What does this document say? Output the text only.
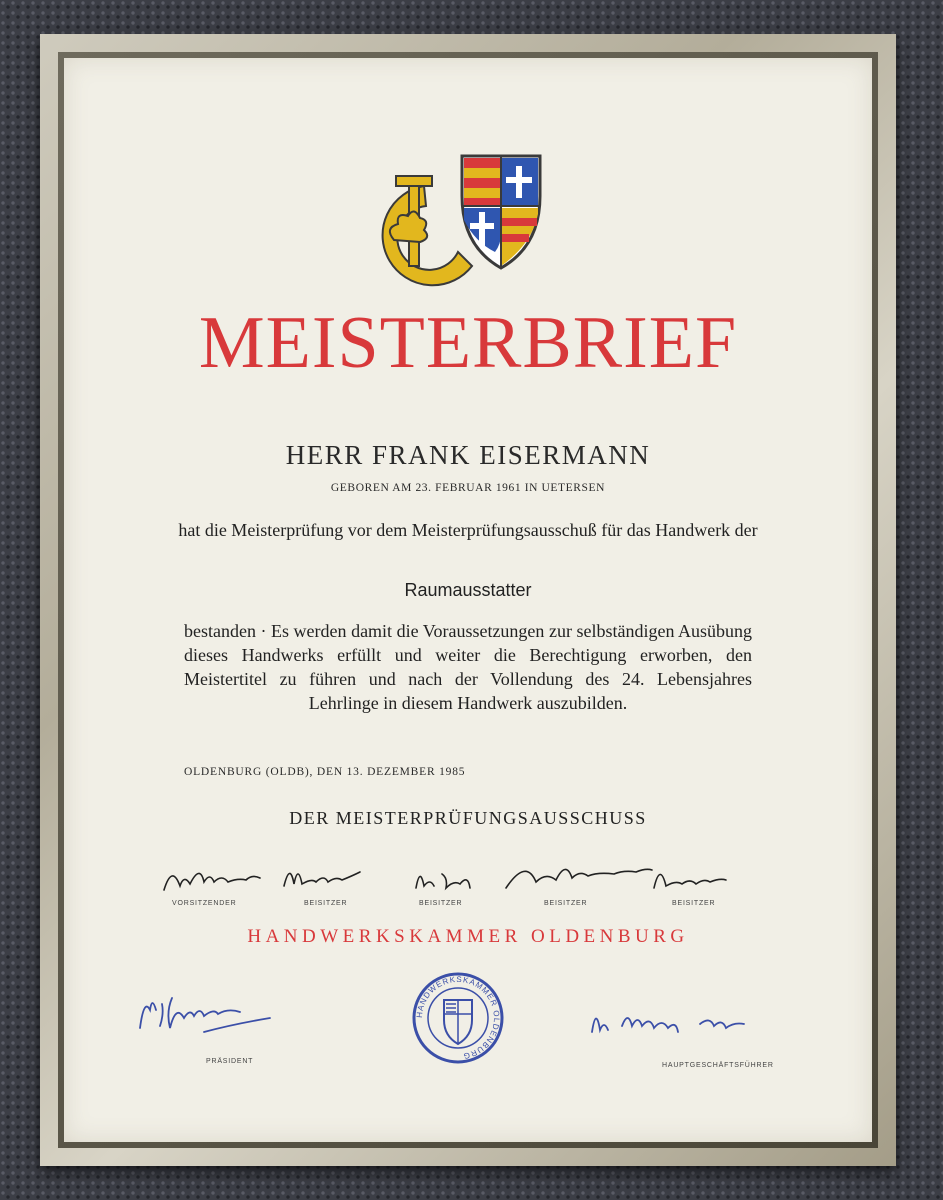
MEISTERBRIEF
HERR FRANK EISERMANN
GEBOREN AM 23. FEBRUAR 1961 IN UETERSEN
hat die Meisterprüfung vor dem Meisterprüfungsausschuß für das Handwerk der
Raumausstatter
bestanden · Es werden damit die Voraussetzungen zur selbständigen Ausübung dieses Handwerks erfüllt und weiter die Berechtigung erworben, den Meistertitel zu führen und nach der Vollendung des 24. Lebensjahres Lehrlinge in diesem Handwerk auszubilden.
OLDENBURG (OLDB), DEN 13. DEZEMBER 1985
DER MEISTERPRÜFUNGSAUSSCHUSS
VORSITZENDER	BEISITZER	BEISITZER	BEISITZER	BEISITZER
HANDWERKSKAMMER OLDENBURG
PRÄSIDENT
HANDWERKSKAMMER OLDENBURG
HAUPTGESCHÄFTSFÜHRER
